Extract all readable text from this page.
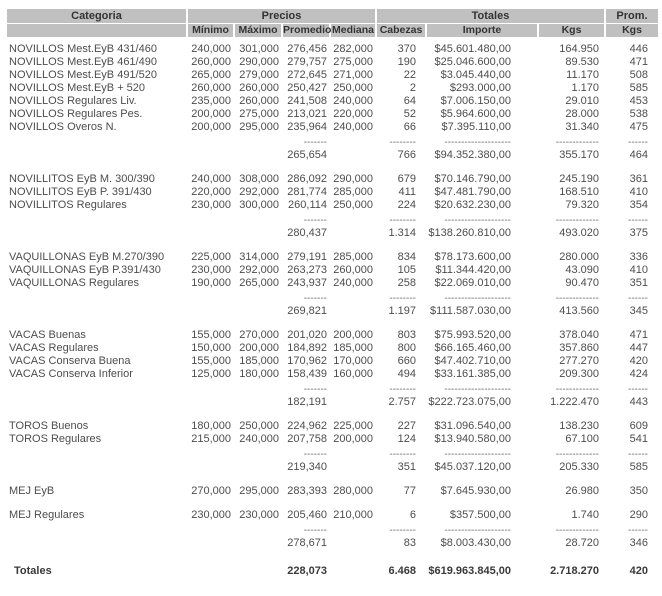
Categoria	Precios				Totales			Prom.
	Mínimo	Máximo	Promedio	Mediana	Cabezas	Importe	Kgs	Kgs

NOVILLOS Mest.EyB 431/460	240,000	301,000	276,456	282,000	370	$45.601.480,00	164.950	446
NOVILLOS Mest.EyB 461/490	260,000	290,000	279,757	275,000	190	$25.046.600,00	89.530	471
NOVILLOS Mest.EyB 491/520	265,000	279,000	272,645	271,000	22	$3.045.440,00	11.170	508
NOVILLOS Mest.EyB + 520	260,000	260,000	250,427	250,000	2	$293.000,00	1.170	585
NOVILLOS Regulares Liv.	235,000	260,000	241,508	240,000	64	$7.006.150,00	29.010	453
NOVILLOS Regulares Pes.	200,000	275,000	213,021	220,000	52	$5.964.600,00	28.000	538
NOVILLOS Overos N.	200,000	295,000	235,964	240,000	66	$7.395.110,00	31.340	475

			-------		--------	--------------------	-------------	------
			265,654		766	$94.352.380,00	355.170	464

NOVILLITOS EyB M. 300/390	240,000	308,000	286,092	290,000	679	$70.146.790,00	245.190	361
NOVILLITOS EyB P. 391/430	220,000	292,000	281,774	285,000	411	$47.481.790,00	168.510	410
NOVILLITOS Regulares	230,000	300,000	260,114	250,000	224	$20.632.230,00	79.320	354

			-------		--------	--------------------	-------------	------
			280,437		1.314	$138.260.810,00	493.020	375

VAQUILLONAS EyB M.270/390	225,000	314,000	279,191	285,000	834	$78.173.600,00	280.000	336
VAQUILLONAS EyB P.391/430	230,000	292,000	263,273	260,000	105	$11.344.420,00	43.090	410
VAQUILLONAS Regulares	190,000	265,000	243,937	240,000	258	$22.069.010,00	90.470	351

			-------		--------	--------------------	-------------	------
			269,821		1.197	$111.587.030,00	413.560	345

VACAS Buenas	155,000	270,000	201,020	200,000	803	$75.993.520,00	378.040	471
VACAS Regulares	150,000	200,000	184,892	185,000	800	$66.165.460,00	357.860	447
VACAS Conserva Buena	155,000	185,000	170,962	170,000	660	$47.402.710,00	277.270	420
VACAS Conserva Inferior	125,000	180,000	158,439	160,000	494	$33.161.385,00	209.300	424

			-------		--------	--------------------	-------------	------
			182,191		2.757	$222.723.075,00	1.222.470	443

TOROS Buenos	180,000	250,000	224,962	225,000	227	$31.096.540,00	138.230	609
TOROS Regulares	215,000	240,000	207,758	200,000	124	$13.940.580,00	67.100	541

			-------		--------	--------------------	-------------	------
			219,340		351	$45.037.120,00	205.330	585

MEJ EyB	270,000	295,000	283,393	280,000	77	$7.645.930,00	26.980	350

MEJ Regulares	230,000	230,000	205,460	210,000	6	$357.500,00	1.740	290

			-------		--------	--------------------	-------------	------
			278,671		83	$8.003.430,00	28.720	346

Totales			228,073		6.468	$619.963.845,00	2.718.270	420
